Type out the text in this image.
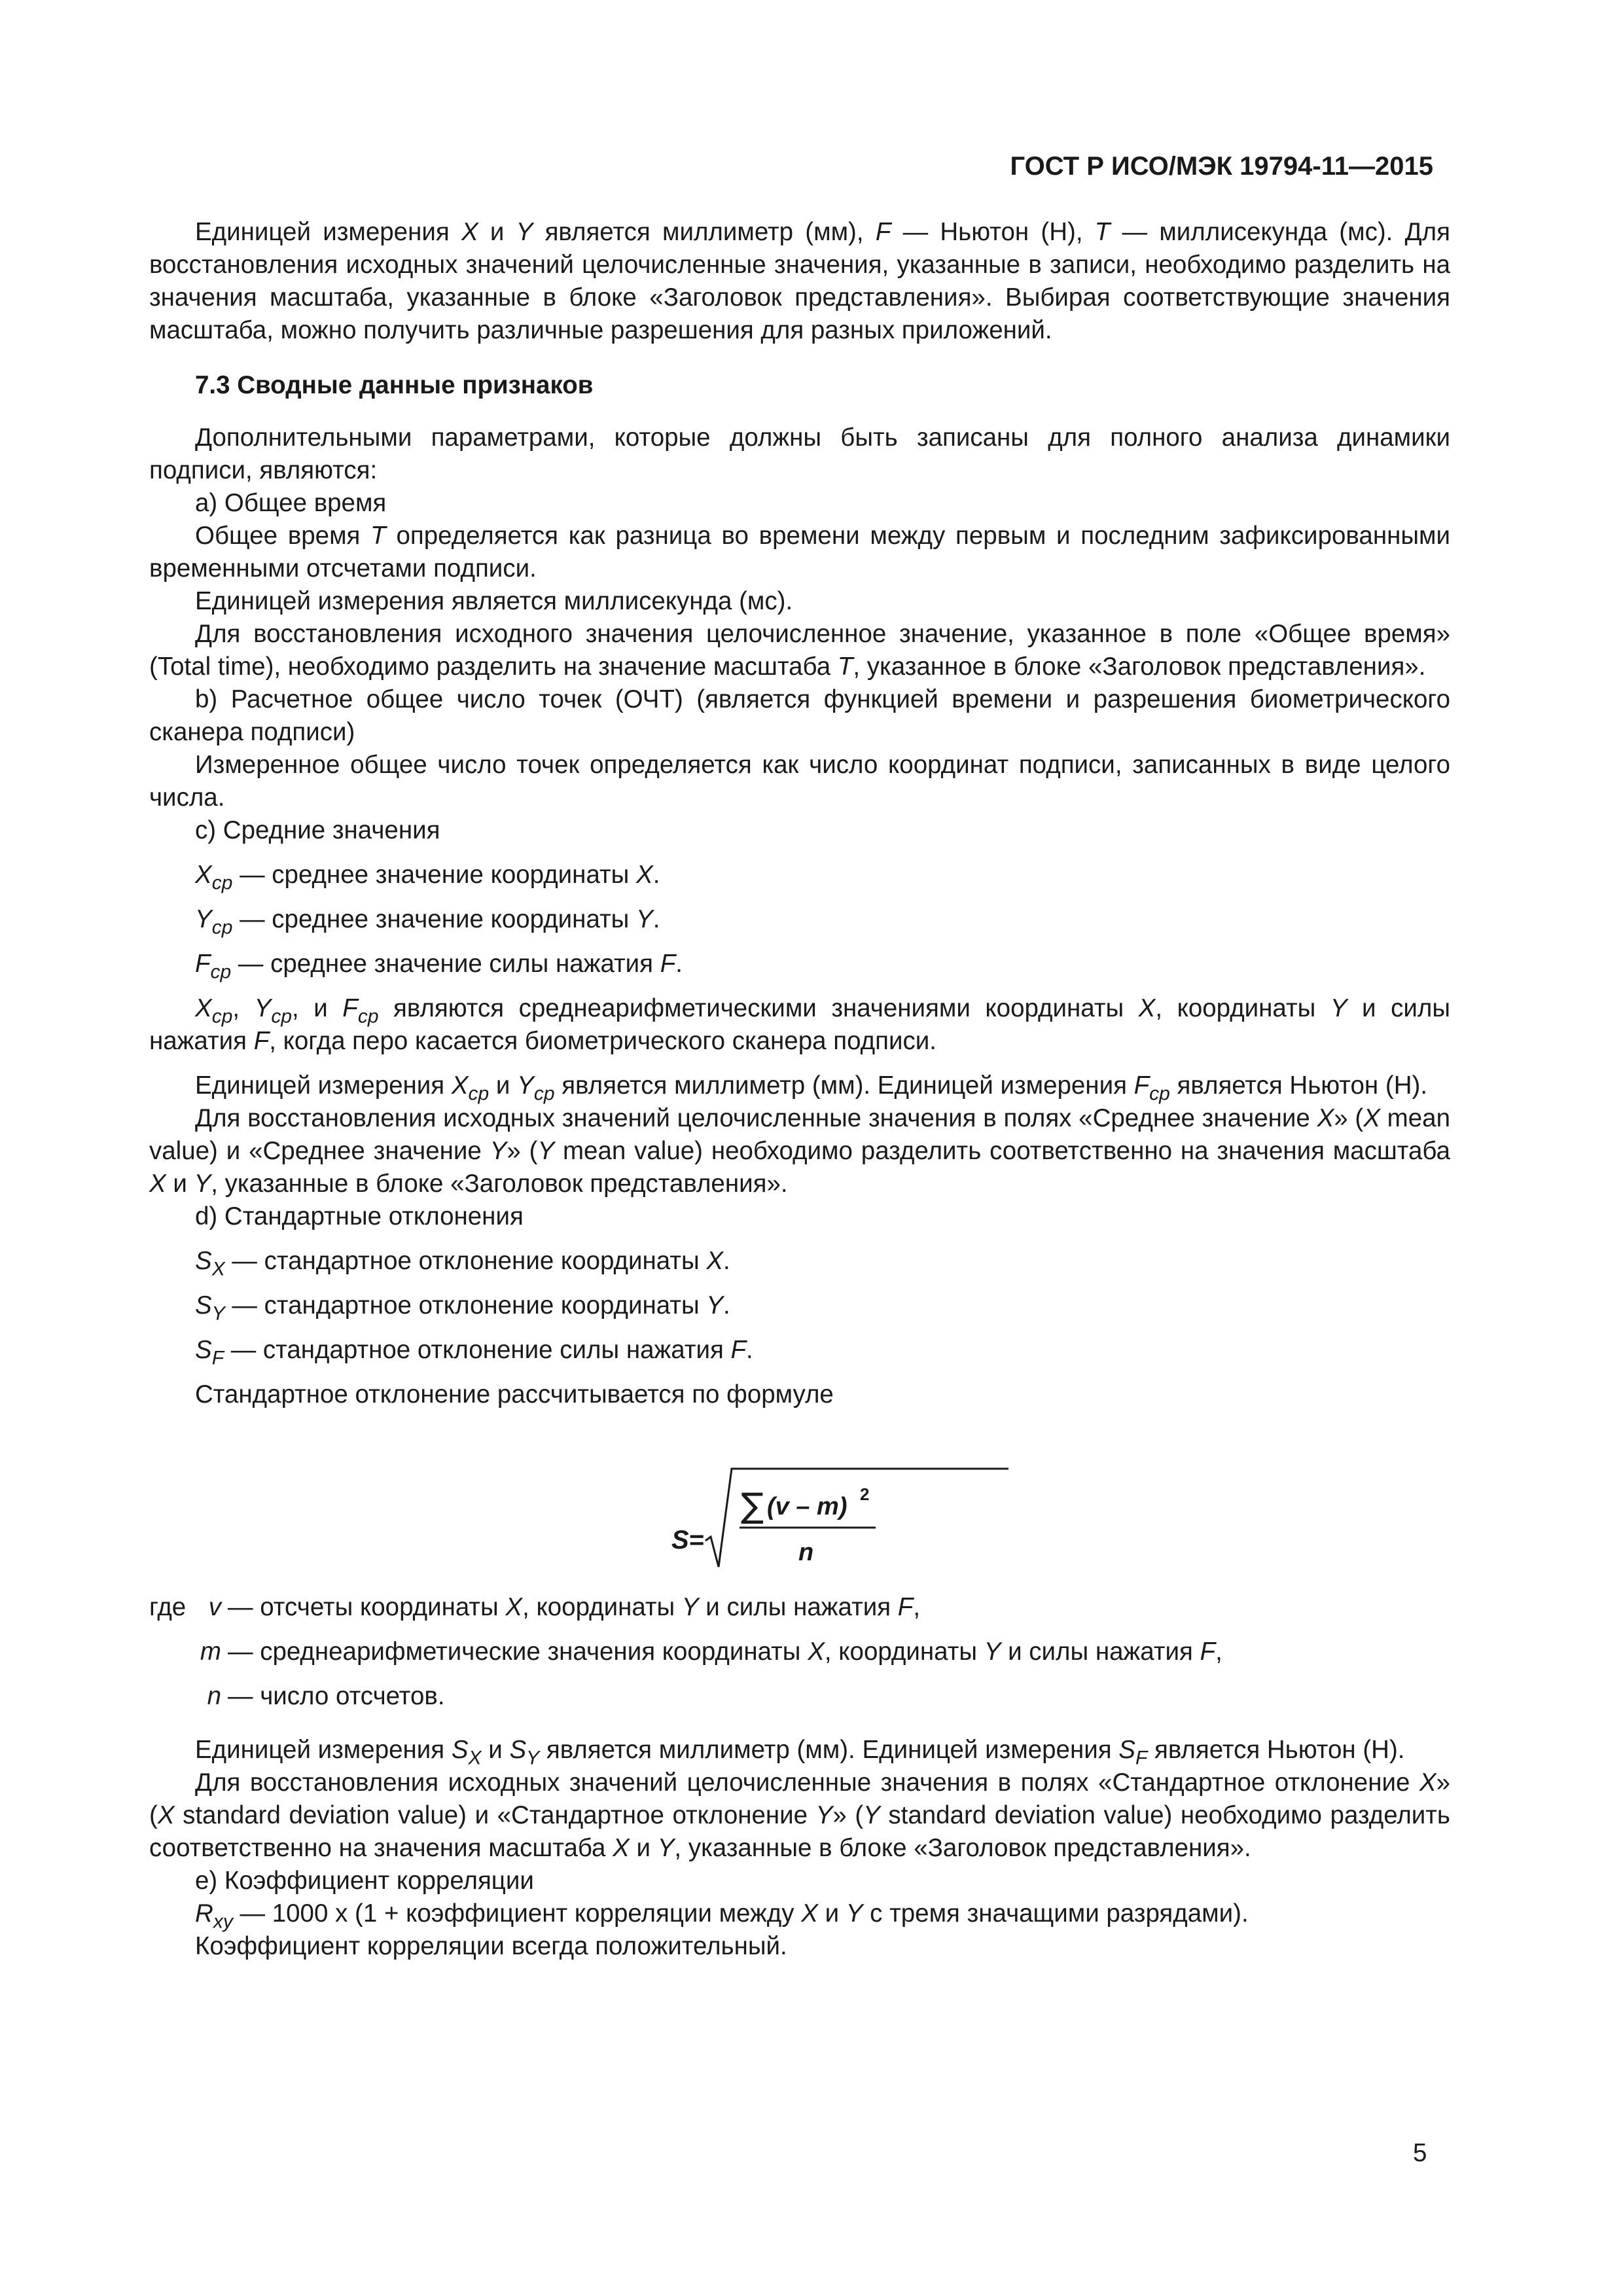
ГОСТ Р ИСО/МЭК 19794-11—2015

Единицей измерения X и Y является миллиметр (мм), F — Ньютон (Н), T — миллисекунда (мс). Для восстановления исходных значений целочисленные значения, указанные в записи, необходимо разделить на значения масштаба, указанные в блоке «Заголовок представления». Выбирая соответствующие значения масштаба, можно получить различные разрешения для разных приложений.

7.3 Сводные данные признаков

Дополнительными параметрами, которые должны быть записаны для полного анализа динамики подписи, являются:

a) Общее время

Общее время T определяется как разница во времени между первым и последним зафиксированными временными отсчетами подписи.

Единицей измерения является миллисекунда (мс).

Для восстановления исходного значения целочисленное значение, указанное в поле «Общее время» (Total time), необходимо разделить на значение масштаба T, указанное в блоке «Заголовок представления».

b) Расчетное общее число точек (ОЧТ) (является функцией времени и разрешения биометрического сканера подписи)

Измеренное общее число точек определяется как число координат подписи, записанных в виде целого числа.

c) Средние значения

$X_{ср}$ — среднее значение координаты X.

$Y_{ср}$ — среднее значение координаты Y.

$F_{ср}$ — среднее значение силы нажатия F.

$X_{ср}$, $Y_{ср}$, и $F_{ср}$ являются среднеарифметическими значениями координаты X, координаты Y и силы нажатия F, когда перо касается биометрического сканера подписи.

Единицей измерения $X_{ср}$ и $Y_{ср}$ является миллиметр (мм). Единицей измерения $F_{ср}$ является Ньютон (Н).

Для восстановления исходных значений целочисленные значения в полях «Среднее значение X» (X mean value) и «Среднее значение Y» (Y mean value) необходимо разделить соответственно на значения масштаба X и Y, указанные в блоке «Заголовок представления».

d) Стандартные отклонения

$S_X$ — стандартное отклонение координаты X.

$S_Y$ — стандартное отклонение координаты Y.

$S_F$ — стандартное отклонение силы нажатия F.

Стандартное отклонение рассчитывается по формуле

S =
∑ (v – m) 2
n
где v — отсчеты координаты X, координаты Y и силы нажатия F,
m — среднеарифметические значения координаты X, координаты Y и силы нажатия F,
n — число отсчетов.

Единицей измерения $S_X$ и $S_Y$ является миллиметр (мм). Единицей измерения $S_F$ является Ньютон (Н).

Для восстановления исходных значений целочисленные значения в полях «Стандартное отклонение X» (X standard deviation value) и «Стандартное отклонение Y» (Y standard deviation value) необходимо разделить соответственно на значения масштаба X и Y, указанные в блоке «Заголовок представления».

e) Коэффициент корреляции

$R_{xy}$ — 1000 x (1 + коэффициент корреляции между X и Y с тремя значащими разрядами).

Коэффициент корреляции всегда положительный.

5
